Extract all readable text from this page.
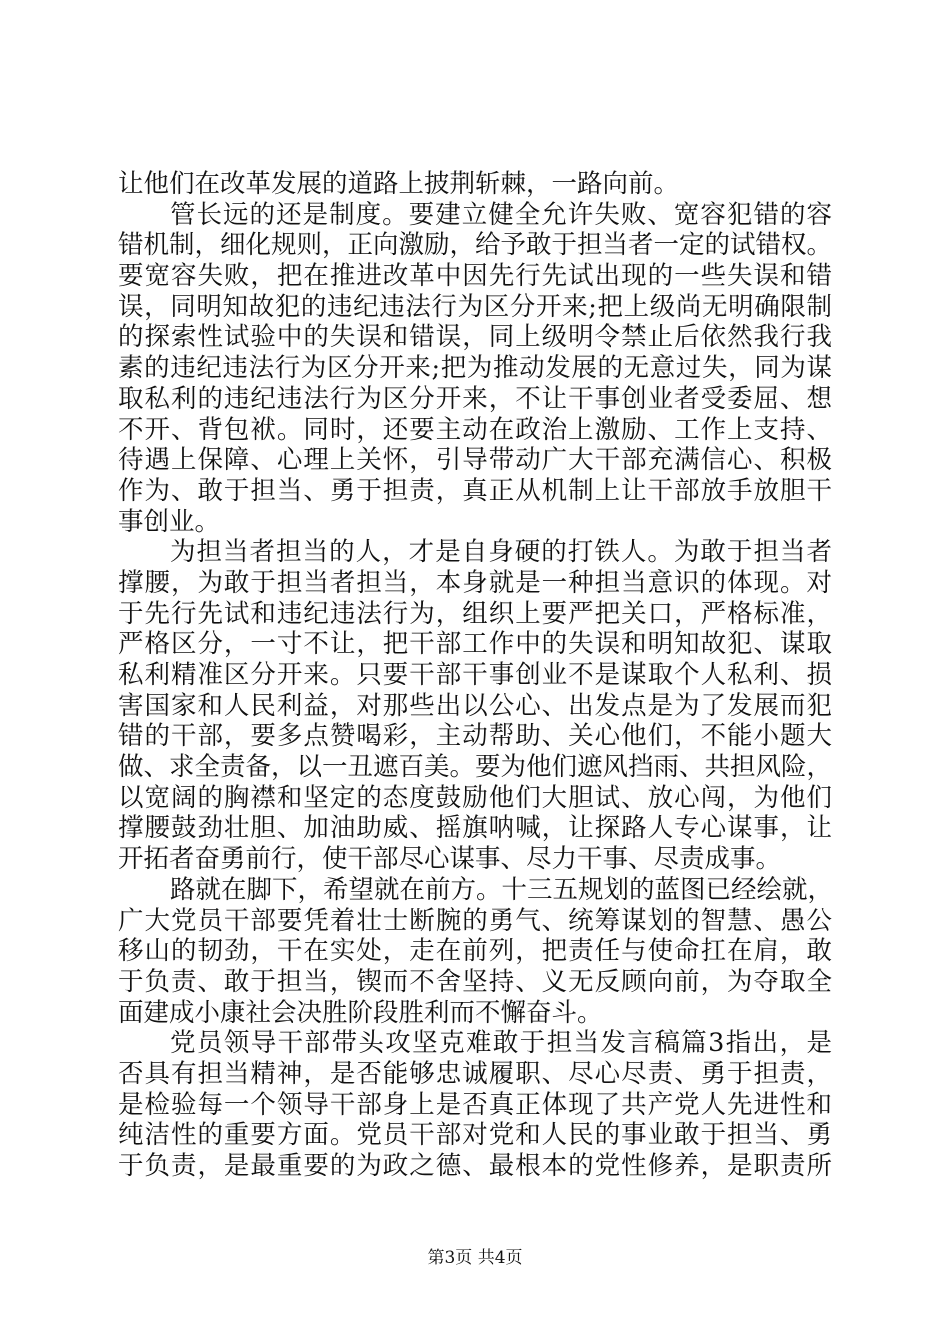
让他们在改革发展的道路上披荆斩棘，一路向前。
管长远的还是制度。要建立健全允许失败、宽容犯错的容
错机制，细化规则，正向激励，给予敢于担当者一定的试错权。
要宽容失败，把在推进改革中因先行先试出现的一些失误和错
误，同明知故犯的违纪违法行为区分开来;把上级尚无明确限制
的探索性试验中的失误和错误，同上级明令禁止后依然我行我
素的违纪违法行为区分开来;把为推动发展的无意过失，同为谋
取私利的违纪违法行为区分开来，不让干事创业者受委屈、想
不开、背包袱。同时，还要主动在政治上激励、工作上支持、
待遇上保障、心理上关怀，引导带动广大干部充满信心、积极
作为、敢于担当、勇于担责，真正从机制上让干部放手放胆干
事创业。
为担当者担当的人，才是自身硬的打铁人。为敢于担当者
撑腰，为敢于担当者担当，本身就是一种担当意识的体现。对
于先行先试和违纪违法行为，组织上要严把关口，严格标准，
严格区分，一寸不让，把干部工作中的失误和明知故犯、谋取
私利精准区分开来。只要干部干事创业不是谋取个人私利、损
害国家和人民利益，对那些出以公心、出发点是为了发展而犯
错的干部，要多点赞喝彩，主动帮助、关心他们，不能小题大
做、求全责备，以一丑遮百美。要为他们遮风挡雨、共担风险，
以宽阔的胸襟和坚定的态度鼓励他们大胆试、放心闯，为他们
撑腰鼓劲壮胆、加油助威、摇旗呐喊，让探路人专心谋事，让
开拓者奋勇前行，使干部尽心谋事、尽力干事、尽责成事。
路就在脚下，希望就在前方。十三五规划的蓝图已经绘就，
广大党员干部要凭着壮士断腕的勇气、统筹谋划的智慧、愚公
移山的韧劲，干在实处，走在前列，把责任与使命扛在肩，敢
于负责、敢于担当，锲而不舍坚持、义无反顾向前，为夺取全
面建成小康社会决胜阶段胜利而不懈奋斗。
党员领导干部带头攻坚克难敢于担当发言稿篇3指出，是
否具有担当精神，是否能够忠诚履职、尽心尽责、勇于担责，
是检验每一个领导干部身上是否真正体现了共产党人先进性和
纯洁性的重要方面。党员干部对党和人民的事业敢于担当、勇
于负责，是最重要的为政之德、最根本的党性修养，是职责所
第3页 共4页
